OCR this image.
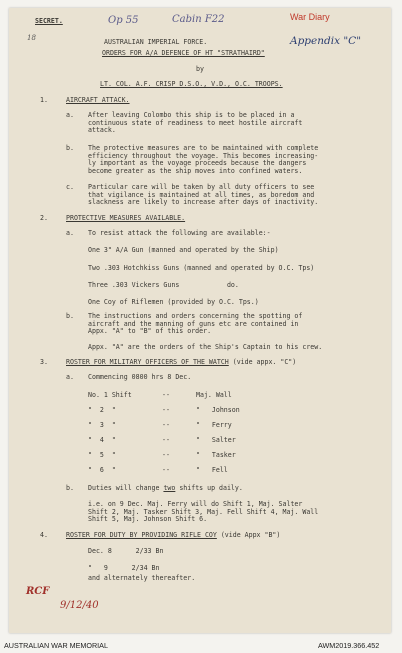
SECRET.	Op 55	Cabin F22	War Diary
Appendix "C"
18	AUSTRALIAN IMPERIAL FORCE.
ORDERS FOR A/A DEFENCE OF HT "STRATHAIRD"
by
LT. COL. A.F. CRISP D.S.O., V.D., O.C. TROOPS.
1.	AIRCRAFT ATTACK.
a. After leaving Colombo this ship is to be placed in a
continuous state of readiness to meet hostile aircraft
attack.
b. The protective measures are to be maintained with complete
efficiency throughout the voyage. This becomes increasing-
ly important as the voyage proceeds because the dangers
become greater as the ship moves into confined waters.
c. Particular care will be taken by all duty officers to see
that vigilance is maintained at all times, as boredom and
slackness are likely to increase after days of inactivity.
2.	PROTECTIVE MEASURES AVAILABLE.
a. To resist attack the following are available:-
One 3" A/A Gun (manned and operated by the Ship)
Two .303 Hotchkiss Guns (manned and operated by O.C. Tps)
Three .303 Vickers Guns            do.
One Coy of Riflemen (provided by O.C. Tps.)
b. The instructions and orders concerning the spotting of
aircraft and the manning of guns etc are contained in
Appx. "A" to "B" of this order.
Appx. "A" are the orders of the Ship's Captain to his crew.
3.	ROSTER FOR MILITARY OFFICERS OF THE WATCH (vide appx. "C")
a. Commencing 0800 hrs 8 Dec.
No. 1 Shift	--	Maj. Wall
"  2  "	--	"   Johnson
"  3  "	--	"   Ferry
"  4  "	--	"   Salter
"  5  "	--	"   Tasker
"  6  "	--	"   Fell
b. Duties will change two shifts up daily.
i.e. on 9 Dec. Maj. Ferry will do Shift 1, Maj. Salter
Shift 2, Maj. Tasker Shift 3, Maj. Fell Shift 4, Maj. Wall
Shift 5, Maj. Johnson Shift 6.
4.	ROSTER FOR DUTY BY PROVIDING RIFLE COY (vide Appx "B")
Dec. 8      2/33 Bn
"   9      2/34 Bn
and alternately thereafter.
RCF
9/12/40
AUSTRALIAN WAR MEMORIAL	AWM2019.366.452
